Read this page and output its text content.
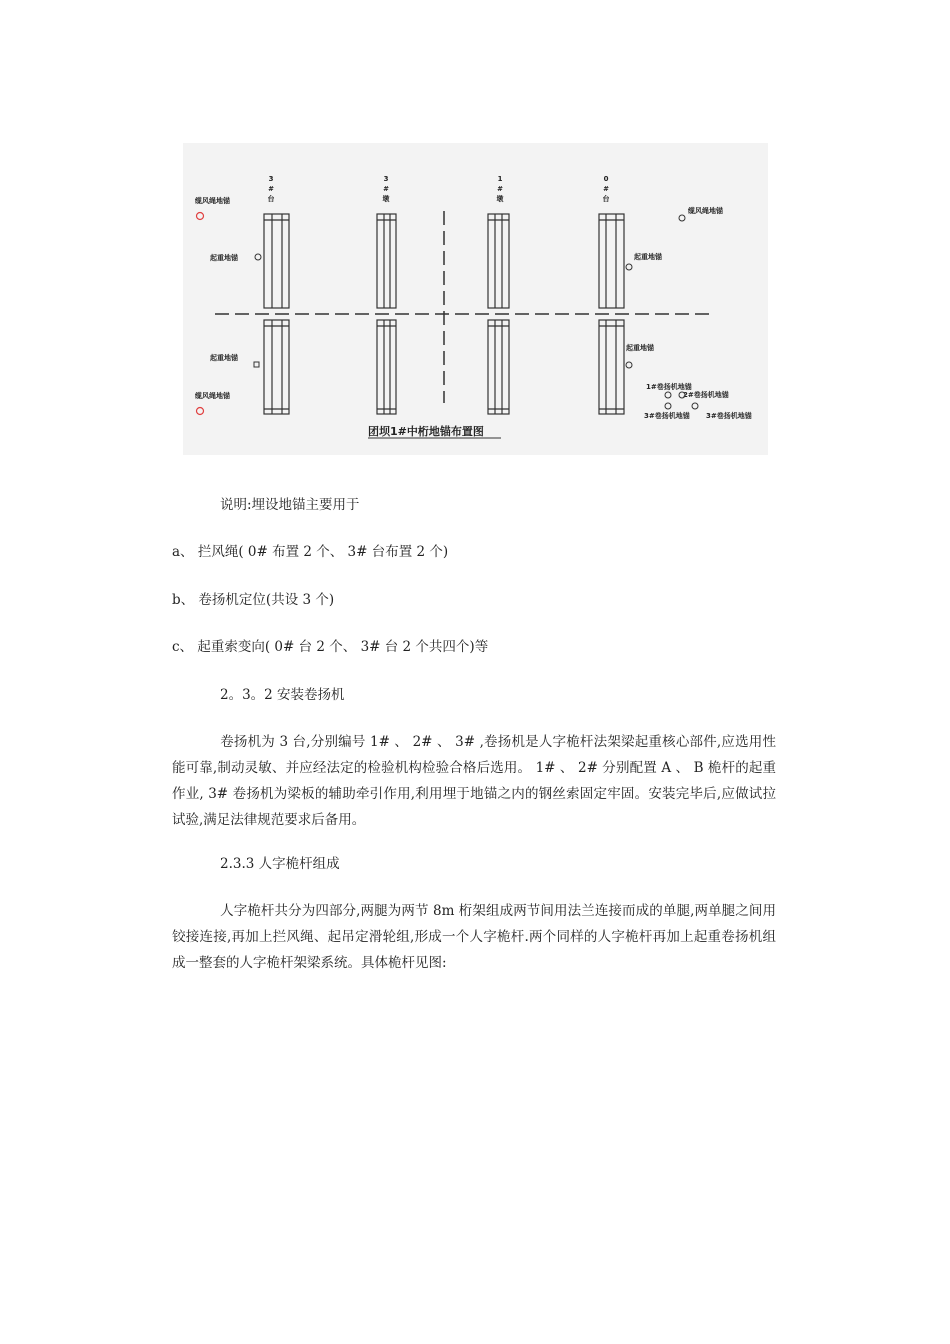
3
#
台
3
#
墩
1
#
墩
0
#
台
缆风绳地锚
起重地锚
起重地锚
缆风绳地锚
缆风绳地锚
起重地锚
起重地锚
1#卷扬机地锚
2#卷扬机地锚
3#卷扬机地锚 3#卷扬机地锚
团坝1#中桁地锚布置图
说明:埋设地锚主要用于
a、 拦风绳( 0# 布置 2 个、 3# 台布置 2 个)
b、 卷扬机定位(共设 3 个)
c、 起重索变向( 0# 台 2 个、 3# 台 2 个共四个)等
2。3。2 安装卷扬机
卷扬机为 3 台,分别编号 1# 、 2# 、 3# ,卷扬机是人字桅杆法架梁起重核心部件,应选用性能可靠,制动灵敏、并应经法定的检验机构检验合格后选用。 1# 、 2# 分别配置 A 、 B 桅杆的起重作业, 3# 卷扬机为梁板的辅助牵引作用,利用埋于地锚之内的钢丝索固定牢固。安装完毕后,应做试拉试验,满足法律规范要求后备用。
2.3.3 人字桅杆组成
人字桅杆共分为四部分,两腿为两节 8m 桁架组成两节间用法兰连接而成的单腿,两单腿之间用铰接连接,再加上拦风绳、起吊定滑轮组,形成一个人字桅杆.两个同样的人字桅杆再加上起重卷扬机组成一整套的人字桅杆架梁系统。具体桅杆见图:
